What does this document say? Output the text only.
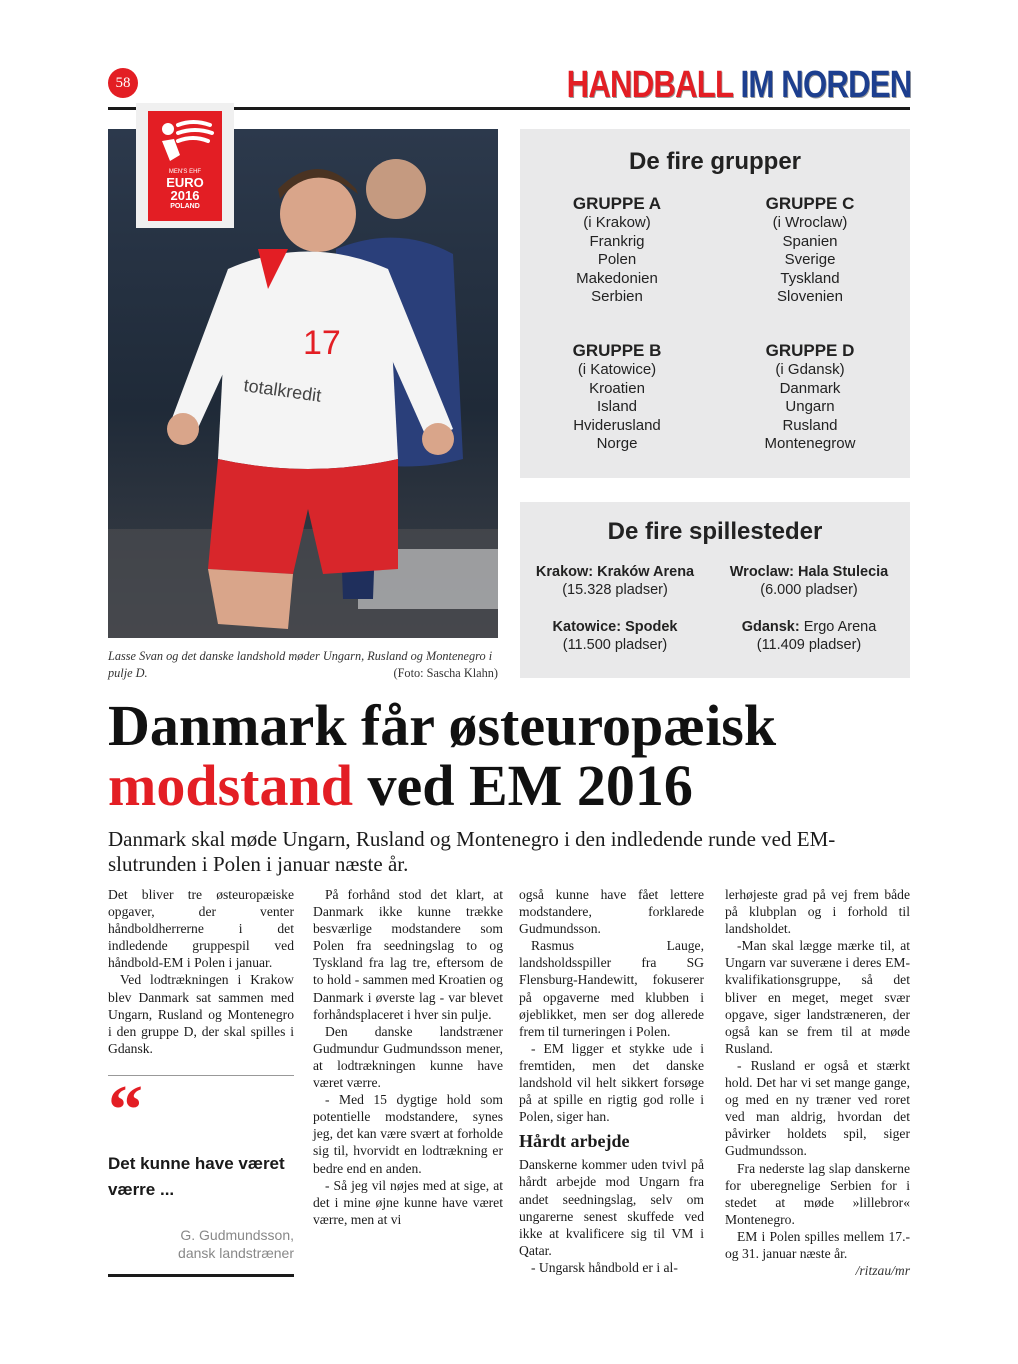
58	HANDBALL IM NORDEN
17
totalkredit
MEN'S EHF
EURO
2016
POLAND
Lasse Svan og det danske landshold møder Ungarn, Rusland og Montenegro i pulje D.	(Foto: Sascha Klahn)
De fire grupper
GRUPPE A
(i Krakow)
Frankrig
Polen
Makedonien
Serbien
GRUPPE C
(i Wroclaw)
Spanien
Sverige
Tyskland
Slovenien
GRUPPE B
(i Katowice)
Kroatien
Island
Hviderusland
Norge
GRUPPE D
(i Gdansk)
Danmark
Ungarn
Rusland
Montenegrow
De fire spillesteder
Krakow: Kraków Arena
(15.328 pladser)
Wroclaw: Hala Stulecia
(6.000 pladser)
Katowice: Spodek
(11.500 pladser)
Gdansk: Ergo Arena
(11.409 pladser)
Danmark får østeuropæisk
modstand ved EM 2016
Danmark skal møde Ungarn, Rusland og Montenegro i den indledende runde ved EM-slutrunden i Polen i januar næste år.

Det bliver tre østeuropæiske opgaver, der venter håndboldherrerne i det indledende gruppespil ved håndbold-EM i Polen i januar.

Ved lodtrækningen i Krakow blev Danmark sat sammen med Ungarn, Rusland og Montenegro i den gruppe D, der skal spilles i Gdansk.

“
Det kunne have været værre ...
G. Gudmundsson,
dansk landstræner

På forhånd stod det klart, at Danmark ikke kunne trække besværlige modstandere som Polen fra seedningslag to og Tyskland fra lag tre, eftersom de to hold - sammen med Kroatien og Danmark i øverste lag - var blevet forhåndsplaceret i hver sin pulje.

Den danske landstræner Gudmundur Gudmundsson mener, at lodtrækningen kunne have været værre.

- Med 15 dygtige hold som potentielle modstandere, synes jeg, det kan være svært at forholde sig til, hvorvidt en lodtrækning er bedre end en anden.

- Så jeg vil nøjes med at sige, at det i mine øjne kunne have været værre, men at vi

også kunne have fået lettere modstandere, forklarede Gudmundsson.

Rasmus Lauge, landsholdsspiller fra SG Flensburg-Handewitt, fokuserer på opgaverne med klubben i øjeblikket, men ser dog allerede frem til turneringen i Polen.

- EM ligger et stykke ude i fremtiden, men det danske landshold vil helt sikkert forsøge på at spille en rigtig god rolle i Polen, siger han.

Hårdt arbejde

Danskerne kommer uden tvivl på hårdt arbejde mod Ungarn fra andet seedningslag, selv om ungarerne senest skuffede ved ikke at kvalificere sig til VM i Qatar.

- Ungarsk håndbold er i al-

lerhøjeste grad på vej frem både på klubplan og i forhold til landsholdet.

-Man skal lægge mærke til, at Ungarn var suveræne i deres EM-kvalifikationsgruppe, så det bliver en meget, meget svær opgave, siger landstræneren, der også kan se frem til at møde Rusland.

- Rusland er også et stærkt hold. Det har vi set mange gange, og med en ny træner ved roret ved man aldrig, hvordan det påvirker holdets spil, siger Gudmundsson.

Fra nederste lag slap danskerne for uberegnelige Serbien for i stedet at møde »lillebror« Montenegro.

EM i Polen spilles mellem 17.- og 31. januar næste år.

/ritzau/mr
